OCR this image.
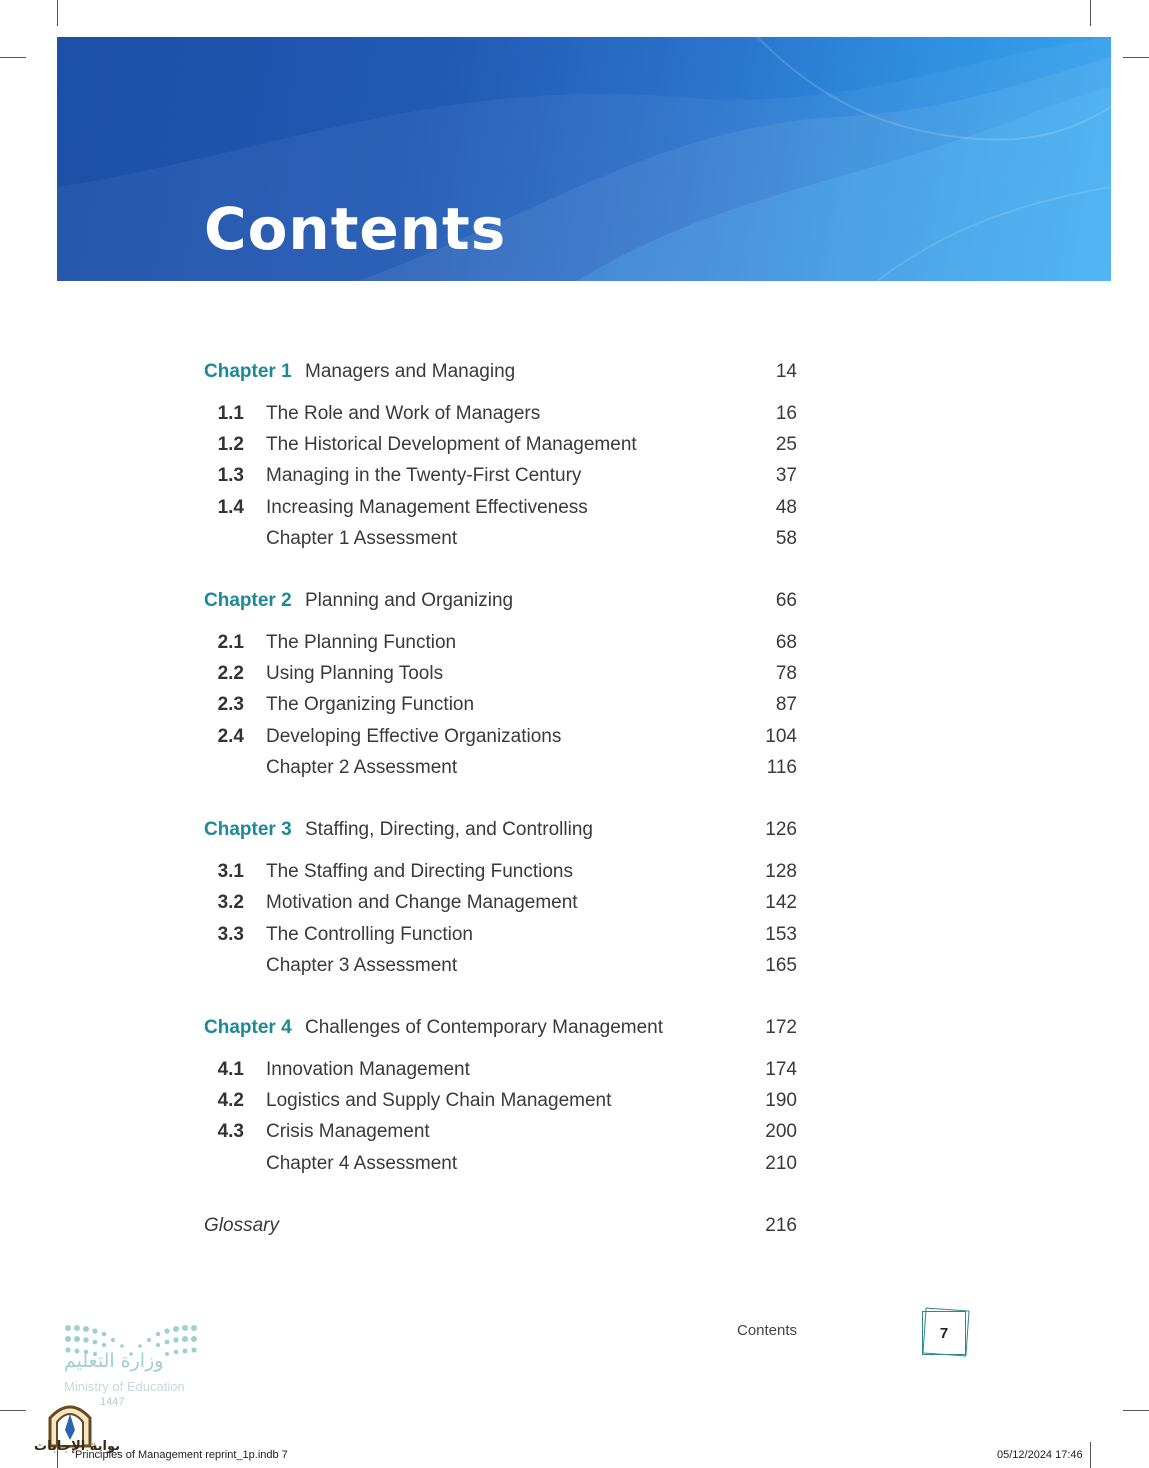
Contents
Chapter 1 Managers and Managing	14
1.1 The Role and Work of Managers	16
1.2 The Historical Development of Management	25
1.3 Managing in the Twenty-First Century	37
1.4 Increasing Management Effectiveness	48
Chapter 1 Assessment	58
Chapter 2 Planning and Organizing	66
2.1 The Planning Function	68
2.2 Using Planning Tools	78
2.3 The Organizing Function	87
2.4 Developing Effective Organizations	104
Chapter 2 Assessment	116
Chapter 3 Staffing, Directing, and Controlling	126
3.1 The Staffing and Directing Functions	128
3.2 Motivation and Change Management	142
3.3 The Controlling Function	153
Chapter 3 Assessment	165
Chapter 4 Challenges of Contemporary Management	172
4.1 Innovation Management	174
4.2 Logistics and Supply Chain Management	190
4.3 Crisis Management	200
Chapter 4 Assessment	210
Glossary	216
وزارة التعليم
Ministry of Education
1447
بوابة الإجابات
Contents	7
Principles of Management reprint_1p.indb 7	05/12/2024 17:46
